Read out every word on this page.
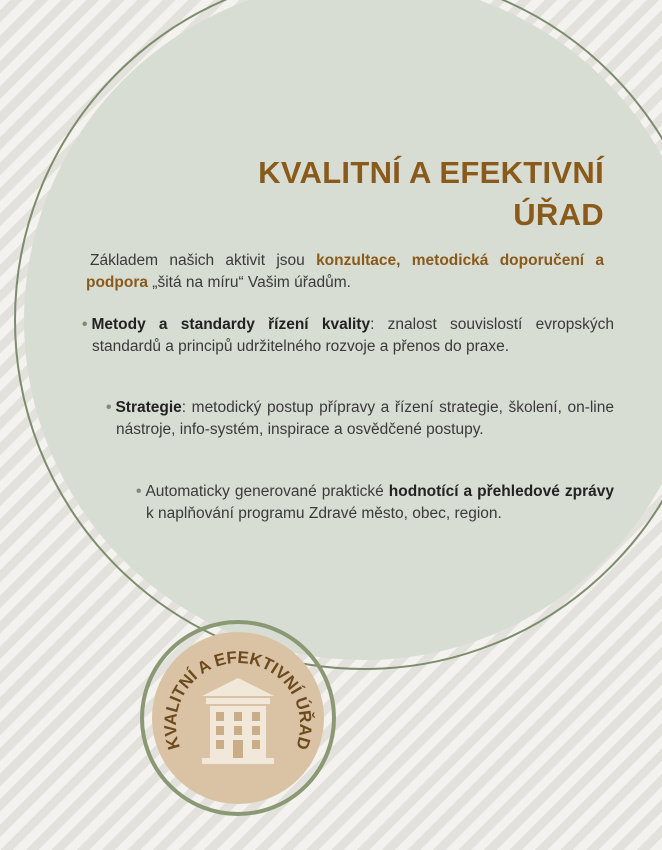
KVALITNÍ A EFEKTIVNÍ
ÚŘAD

Základem našich aktivit jsou konzultace, metodická doporučení a podpora „šitá na míru“ Vašim úřadům.

• Metody a standardy řízení kvality: znalost souvislostí evropských standardů a principů udržitelného rozvoje a přenos do praxe.

• Strategie: metodický postup přípravy a řízení strategie, školení, on-line nástroje, info-systém, inspirace a osvědčené postupy.

• Automaticky generované praktické hodnotící a přehledové zprávy k naplňování programu Zdravé město, obec, region.

KVALITNÍ A EFEKTIVNÍ ÚŘAD
